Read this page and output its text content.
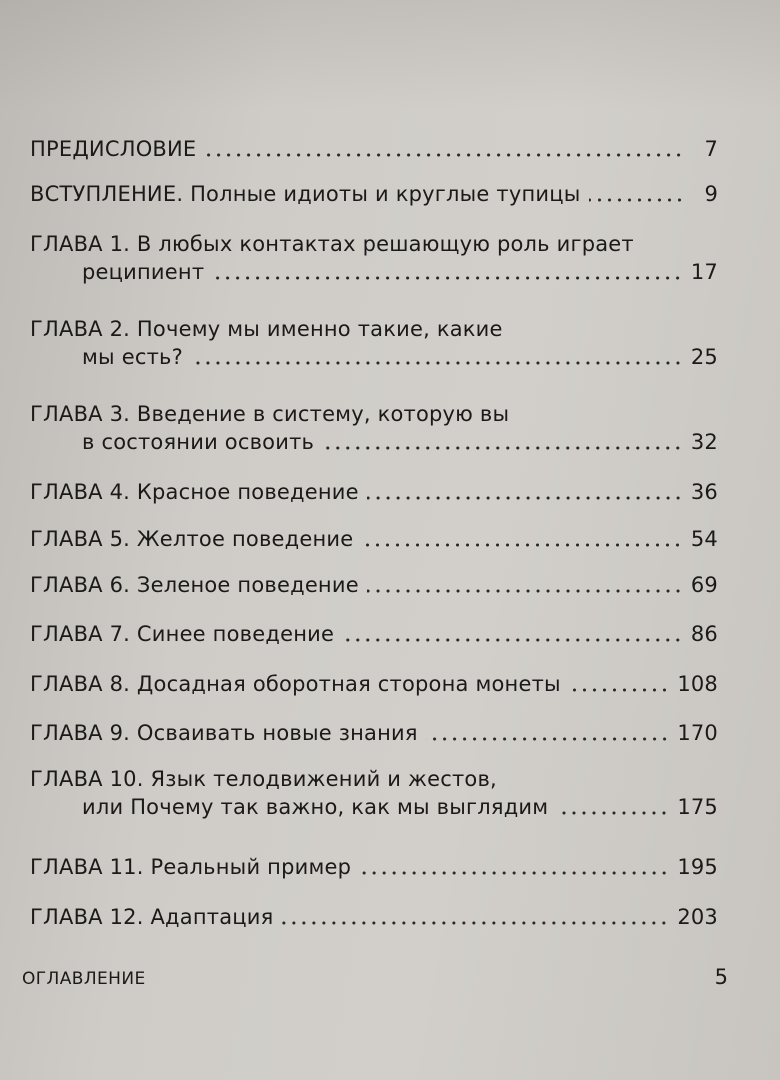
ПРЕДИСЛОВИЕ	7
ВСТУПЛЕНИЕ. Полные идиоты и круглые тупицы	9
ГЛАВА 1. В любых контактах решающую роль играет
реципиент	17
ГЛАВА 2. Почему мы именно такие, какие
мы есть?	25
ГЛАВА 3. Введение в систему, которую вы
в состоянии освоить	32
ГЛАВА 4. Красное поведение	36
ГЛАВА 5. Желтое поведение	54
ГЛАВА 6. Зеленое поведение	69
ГЛАВА 7. Синее поведение	86
ГЛАВА 8. Досадная оборотная сторона монеты	108
ГЛАВА 9. Осваивать новые знания	170
ГЛАВА 10. Язык телодвижений и жестов,
или Почему так важно, как мы выглядим	175
ГЛАВА 11. Реальный пример	195
ГЛАВА 12. Адаптация	203
ОГЛАВЛЕНИЕ	5
